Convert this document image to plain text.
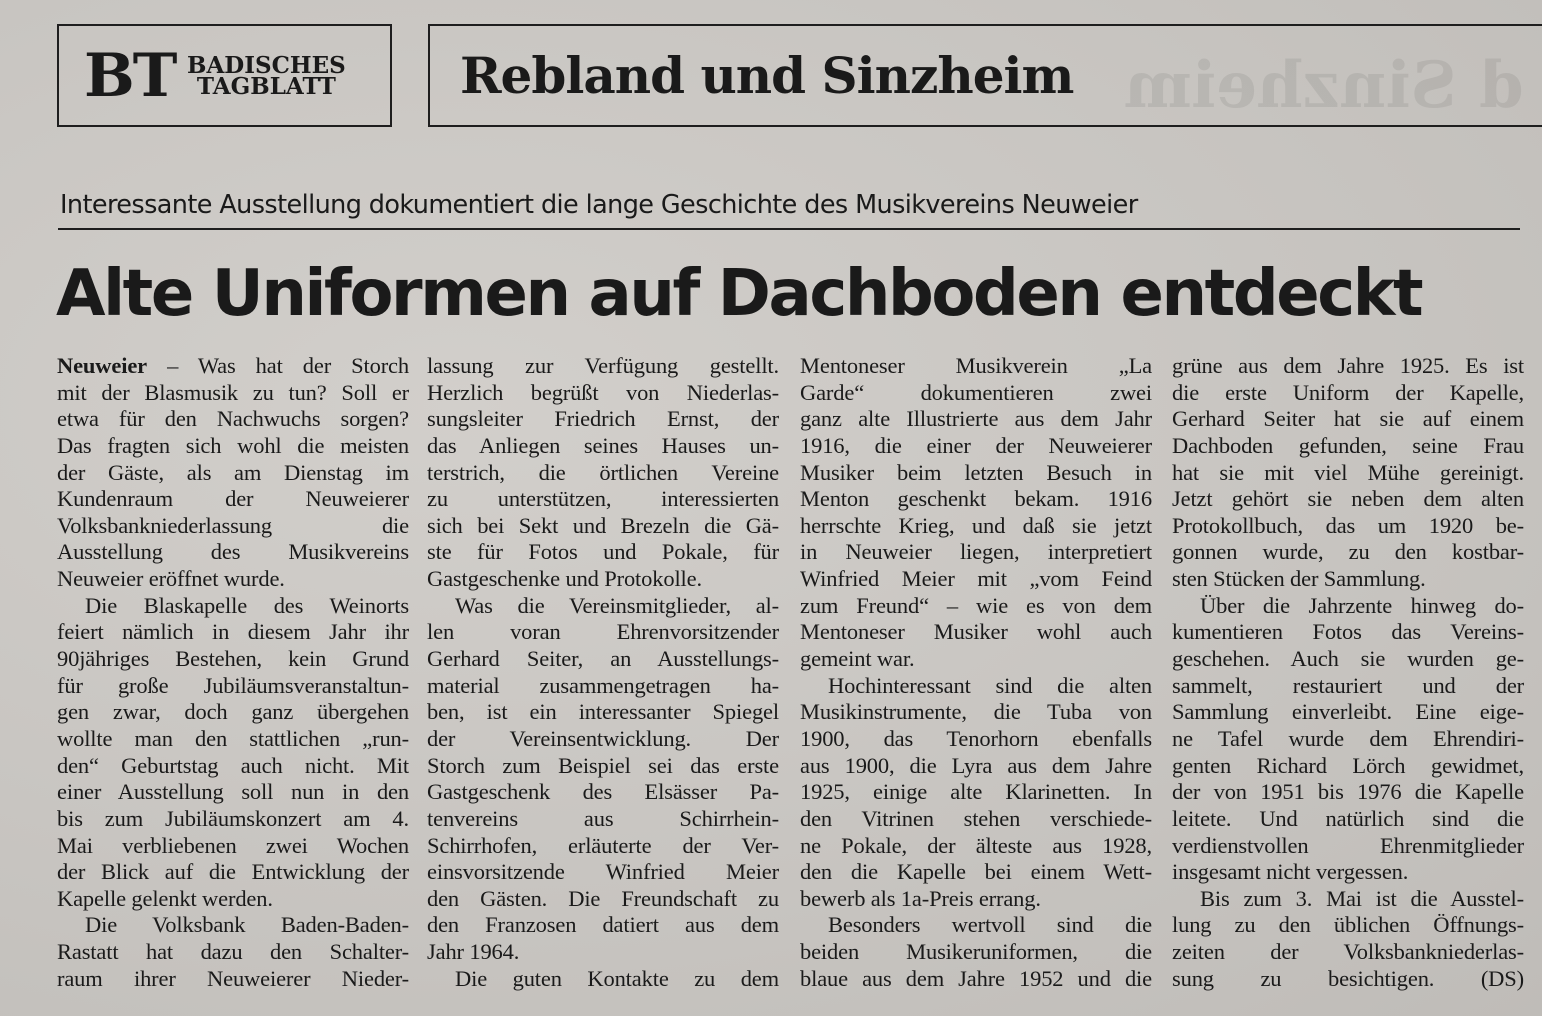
d Sinzheim
BT BADISCHES
TAGBLATT Rebland und Sinzheim
Interessante Ausstellung dokumentiert die lange Geschichte des Musikvereins Neuweier
Alte Uniformen auf Dachboden entdeckt
Neuweier – Was hat der Storch
mit der Blasmusik zu tun? Soll er
etwa für den Nachwuchs sorgen?
Das fragten sich wohl die meisten
der Gäste, als am Dienstag im
Kundenraum der Neuweierer
Volksbankniederlassung die
Ausstellung des Musikvereins
Neuweier eröffnet wurde.
Die Blaskapelle des Weinorts
feiert nämlich in diesem Jahr ihr
90jähriges Bestehen, kein Grund
für große Jubiläumsveranstaltun-
gen zwar, doch ganz übergehen
wollte man den stattlichen „run-
den“ Geburtstag auch nicht. Mit
einer Ausstellung soll nun in den
bis zum Jubiläumskonzert am 4.
Mai verbliebenen zwei Wochen
der Blick auf die Entwicklung der
Kapelle gelenkt werden.
Die Volksbank Baden-Baden-
Rastatt hat dazu den Schalter-
raum ihrer Neuweierer Nieder-
lassung zur Verfügung gestellt.
Herzlich begrüßt von Niederlas-
sungsleiter Friedrich Ernst, der
das Anliegen seines Hauses un-
terstrich, die örtlichen Vereine
zu unterstützen, interessierten
sich bei Sekt und Brezeln die Gä-
ste für Fotos und Pokale, für
Gastgeschenke und Protokolle.
Was die Vereinsmitglieder, al-
len voran Ehrenvorsitzender
Gerhard Seiter, an Ausstellungs-
material zusammengetragen ha-
ben, ist ein interessanter Spiegel
der Vereinsentwicklung. Der
Storch zum Beispiel sei das erste
Gastgeschenk des Elsässer Pa-
tenvereins aus Schirrhein-
Schirrhofen, erläuterte der Ver-
einsvorsitzende Winfried Meier
den Gästen. Die Freundschaft zu
den Franzosen datiert aus dem
Jahr 1964.
Die guten Kontakte zu dem
Mentoneser Musikverein „La
Garde“ dokumentieren zwei
ganz alte Illustrierte aus dem Jahr
1916, die einer der Neuweierer
Musiker beim letzten Besuch in
Menton geschenkt bekam. 1916
herrschte Krieg, und daß sie jetzt
in Neuweier liegen, interpretiert
Winfried Meier mit „vom Feind
zum Freund“ – wie es von dem
Mentoneser Musiker wohl auch
gemeint war.
Hochinteressant sind die alten
Musikinstrumente, die Tuba von
1900, das Tenorhorn ebenfalls
aus 1900, die Lyra aus dem Jahre
1925, einige alte Klarinetten. In
den Vitrinen stehen verschiede-
ne Pokale, der älteste aus 1928,
den die Kapelle bei einem Wett-
bewerb als 1a-Preis errang.
Besonders wertvoll sind die
beiden Musikeruniformen, die
blaue aus dem Jahre 1952 und die
grüne aus dem Jahre 1925. Es ist
die erste Uniform der Kapelle,
Gerhard Seiter hat sie auf einem
Dachboden gefunden, seine Frau
hat sie mit viel Mühe gereinigt.
Jetzt gehört sie neben dem alten
Protokollbuch, das um 1920 be-
gonnen wurde, zu den kostbar-
sten Stücken der Sammlung.
Über die Jahrzente hinweg do-
kumentieren Fotos das Vereins-
geschehen. Auch sie wurden ge-
sammelt, restauriert und der
Sammlung einverleibt. Eine eige-
ne Tafel wurde dem Ehrendiri-
genten Richard Lörch gewidmet,
der von 1951 bis 1976 die Kapelle
leitete. Und natürlich sind die
verdienstvollen Ehrenmitglieder
insgesamt nicht vergessen.
Bis zum 3. Mai ist die Ausstel-
lung zu den üblichen Öffnungs-
zeiten der Volksbankniederlas-
sung zu besichtigen. (DS)
